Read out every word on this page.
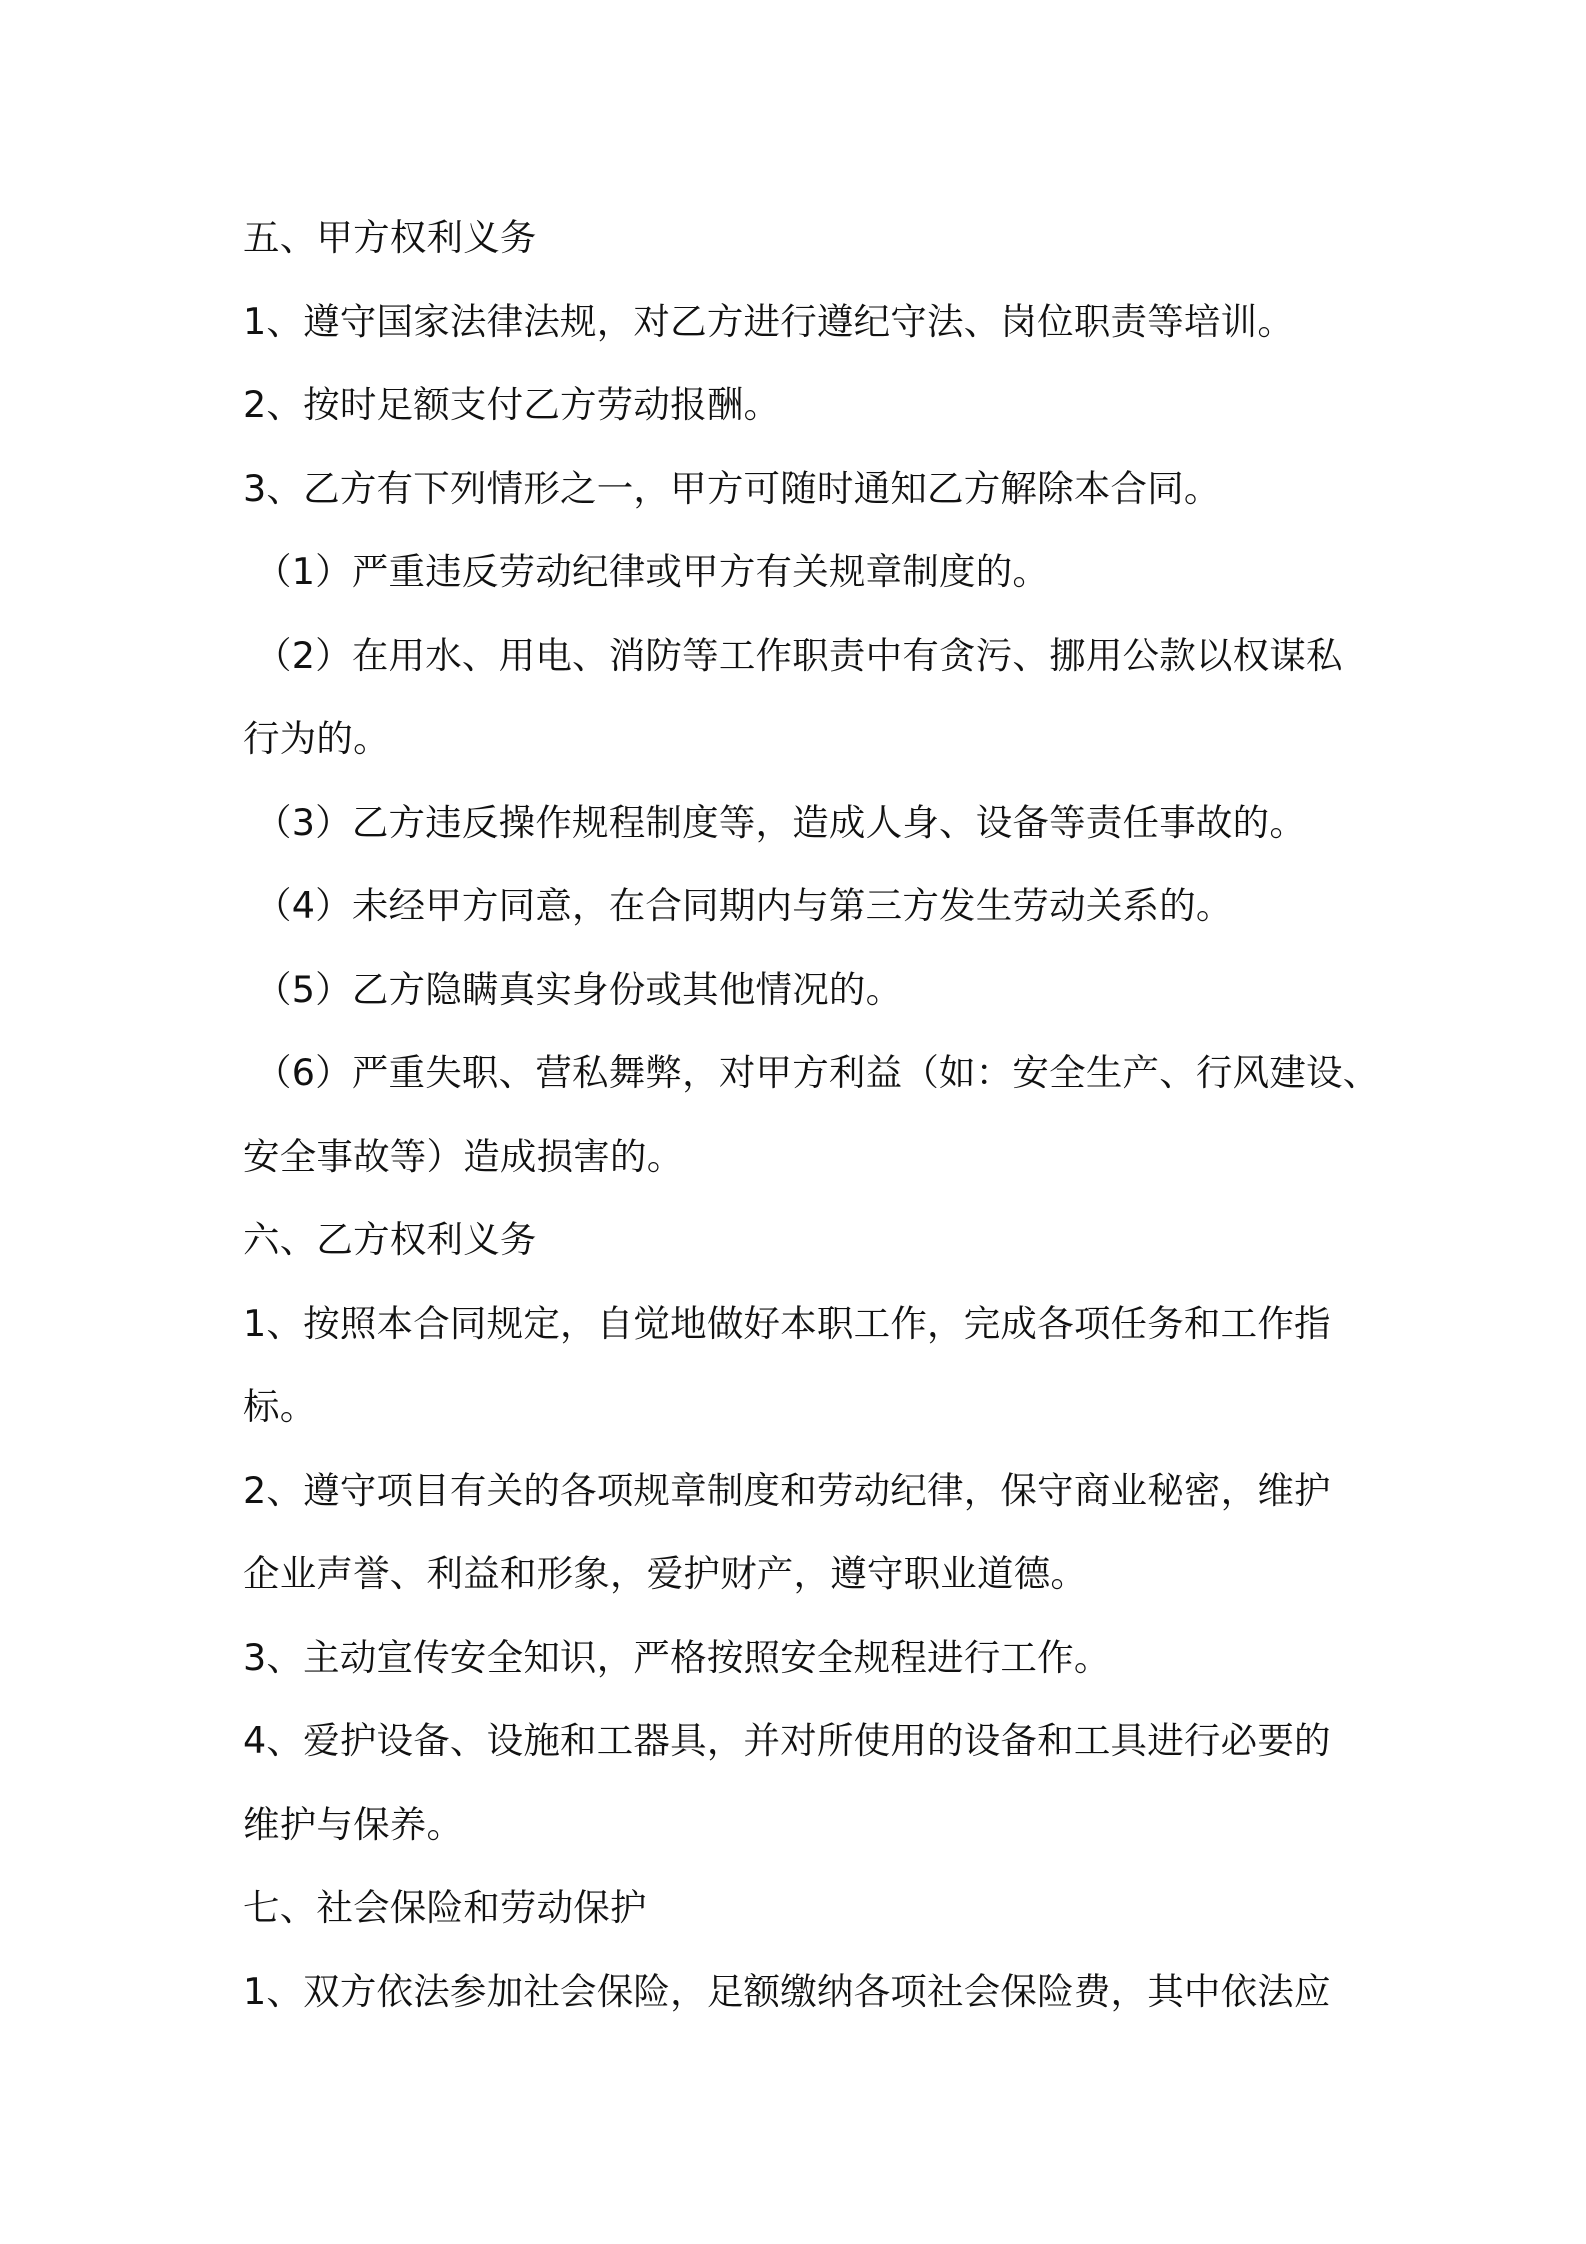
五、甲方权利义务
1、遵守国家法律法规，对乙方进行遵纪守法、岗位职责等培训。
2、按时足额支付乙方劳动报酬。
3、乙方有下列情形之一，甲方可随时通知乙方解除本合同。
（1）严重违反劳动纪律或甲方有关规章制度的。
（2）在用水、用电、消防等工作职责中有贪污、挪用公款以权谋私
行为的。
（3）乙方违反操作规程制度等，造成人身、设备等责任事故的。
（4）未经甲方同意，在合同期内与第三方发生劳动关系的。
（5）乙方隐瞒真实身份或其他情况的。
（6）严重失职、营私舞弊，对甲方利益（如：安全生产、行风建设、
安全事故等）造成损害的。
六、乙方权利义务
1、按照本合同规定，自觉地做好本职工作，完成各项任务和工作指
标。
2、遵守项目有关的各项规章制度和劳动纪律，保守商业秘密，维护
企业声誉、利益和形象，爱护财产，遵守职业道德。
3、主动宣传安全知识，严格按照安全规程进行工作。
4、爱护设备、设施和工器具，并对所使用的设备和工具进行必要的
维护与保养。
七、社会保险和劳动保护
1、双方依法参加社会保险，足额缴纳各项社会保险费，其中依法应
